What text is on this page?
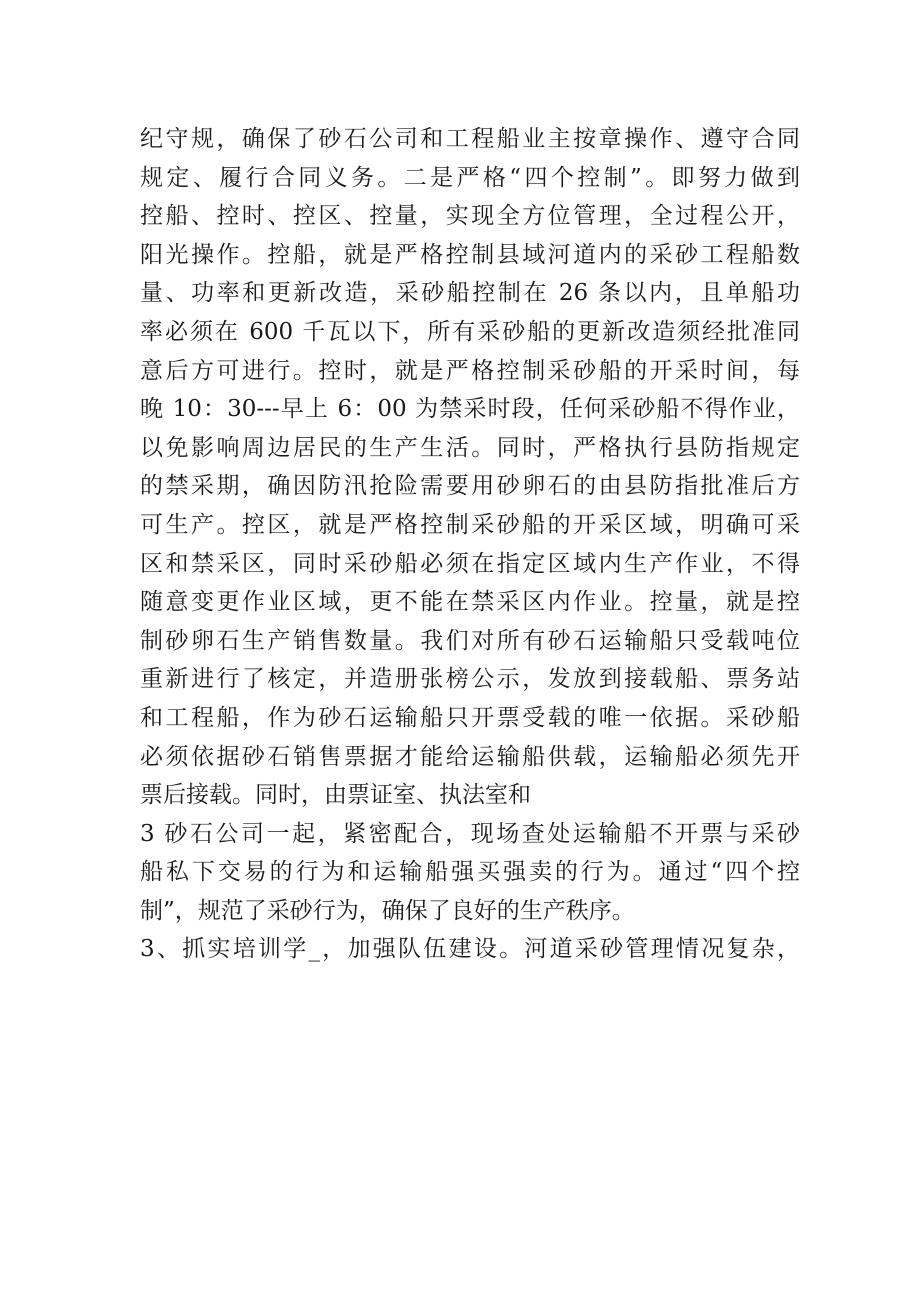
纪守规，确保了砂石公司和工程船业主按章操作、遵守合同
规定、履行合同义务。二是严格“四个控制”。即努力做到
控船、控时、控区、控量，实现全方位管理，全过程公开，
阳光操作。控船，就是严格控制县域河道内的采砂工程船数
量、功率和更新改造，采砂船控制在 26 条以内，且单船功
率必须在 600 千瓦以下，所有采砂船的更新改造须经批准同
意后方可进行。控时，就是严格控制采砂船的开采时间，每
晚 10：30---早上 6：00 为禁采时段，任何采砂船不得作业，
以免影响周边居民的生产生活。同时，严格执行县防指规定
的禁采期，确因防汛抢险需要用砂卵石的由县防指批准后方
可生产。控区，就是严格控制采砂船的开采区域，明确可采
区和禁采区，同时采砂船必须在指定区域内生产作业，不得
随意变更作业区域，更不能在禁采区内作业。控量，就是控
制砂卵石生产销售数量。我们对所有砂石运输船只受载吨位
重新进行了核定，并造册张榜公示，发放到接载船、票务站
和工程船，作为砂石运输船只开票受载的唯一依据。采砂船
必须依据砂石销售票据才能给运输船供载，运输船必须先开
票后接载。同时，由票证室、执法室和
3 砂石公司一起，紧密配合，现场查处运输船不开票与采砂
船私下交易的行为和运输船强买强卖的行为。通过“四个控
制”，规范了采砂行为，确保了良好的生产秩序。
3、抓实培训学_，加强队伍建设。河道采砂管理情况复杂，
